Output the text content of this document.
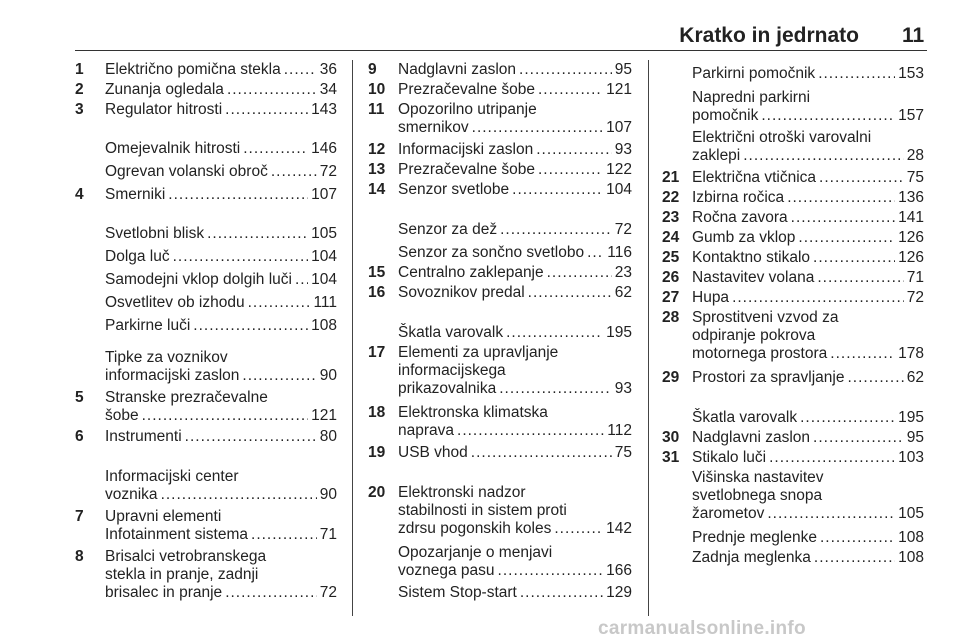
Kratko in jedrnato 11
1 Električno pomična stekla .....	36
2 Zunanja ogledala .....	34
3 Regulator hitrosti .....	143
Omejevalnik hitrosti .....	146
Ogrevan volanski obroč .....	72
4 Smerniki .....	107
Svetlobni blisk .....	105
Dolga luč .....	104
Samodejni vklop dolgih luči ..... 104
Osvetlitev ob izhodu .....	111
Parkirne luči .....	108
Tipke za voznikov
informacijski zaslon .....	90
5 Stranske prezračevalne
šobe .....	121
6 Instrumenti .....	80
Informacijski center
voznika .....	90
7 Upravni elementi
Infotainment sistema .....	71
8 Brisalci vetrobranskega
stekla in pranje, zadnji
brisalec in pranje .....	72
9 Nadglavni zaslon .....	95
10 Prezračevalne šobe .....	121
11 Opozorilno utripanje
smernikov .....	107
12 Informacijski zaslon .....	93
13 Prezračevalne šobe .....	122
14 Senzor svetlobe .....	104
Senzor za dež .....	72
Senzor za sončno svetlobo ..... 116
15 Centralno zaklepanje .....	23
16 Sovoznikov predal .....	62
Škatla varovalk .....	195
17 Elementi za upravljanje
informacijskega
prikazovalnika .....	93
18 Elektronska klimatska
naprava .....	112
19 USB vhod .....	75
20 Elektronski nadzor
stabilnosti in sistem proti
zdrsu pogonskih koles .....	142
Opozarjanje o menjavi
voznega pasu .....	166
Sistem Stop-start .....	129
Parkirni pomočnik .....	153
Napredni parkirni
pomočnik .....	157
Električni otroški varovalni
zaklepi .....	28
21 Električna vtičnica .....	75
22 Izbirna ročica .....	136
23 Ročna zavora .....	141
24 Gumb za vklop .....	126
25 Kontaktno stikalo .....	126
26 Nastavitev volana .....	71
27 Hupa .....	72
28 Sprostitveni vzvod za
odpiranje pokrova
motornega prostora .....	178
29 Prostori za spravljanje .....	62
Škatla varovalk .....	195
30 Nadglavni zaslon .....	95
31 Stikalo luči .....	103
Višinska nastavitev
svetlobnega snopa
žarometov .....	105
Prednje meglenke .....	108
Zadnja meglenka .....	108
carmanualsonline.info
